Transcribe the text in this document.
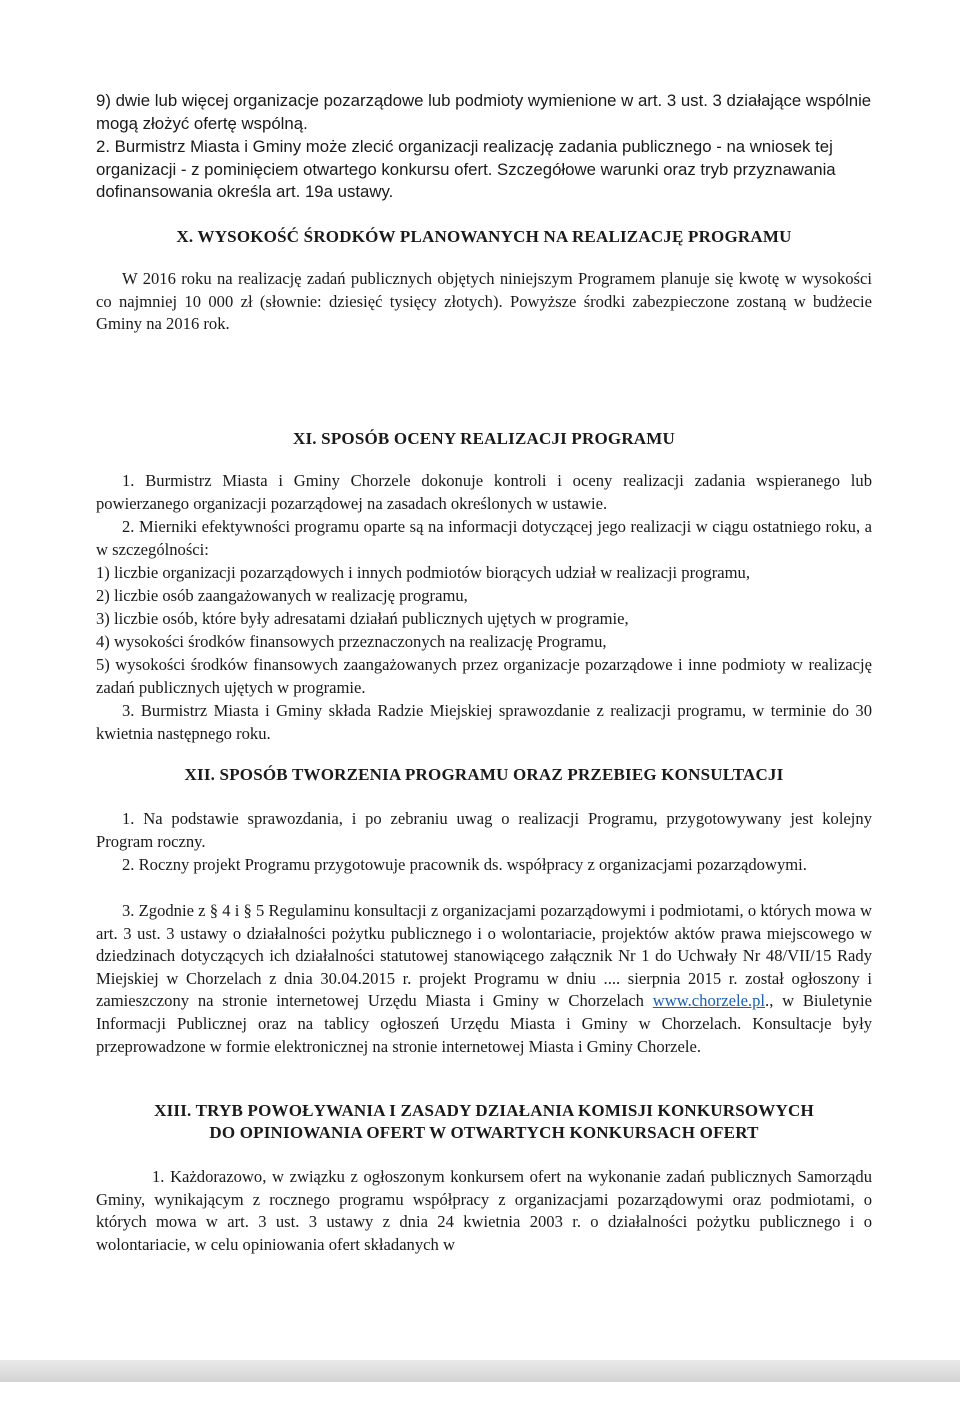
9) dwie lub więcej organizacje pozarządowe lub podmioty wymienione w art. 3 ust. 3 działające wspólnie mogą złożyć ofertę wspólną.

2. Burmistrz Miasta i Gminy może zlecić organizacji realizację zadania publicznego - na wniosek tej organizacji - z pominięciem otwartego konkursu ofert. Szczegółowe warunki oraz tryb przyznawania dofinansowania określa art. 19a ustawy.

X. WYSOKOŚĆ ŚRODKÓW PLANOWANYCH NA REALIZACJĘ PROGRAMU

W 2016 roku na realizację zadań publicznych objętych niniejszym Programem planuje się kwotę w wysokości co najmniej 10 000 zł (słownie: dziesięć tysięcy złotych). Powyższe środki zabezpieczone zostaną w budżecie Gminy na 2016 rok.

XI. SPOSÓB OCENY REALIZACJI PROGRAMU

1. Burmistrz Miasta i Gminy Chorzele dokonuje kontroli i oceny realizacji zadania wspieranego lub powierzanego organizacji pozarządowej na zasadach określonych w ustawie.

2. Mierniki efektywności programu oparte są na informacji dotyczącej jego realizacji w ciągu ostatniego roku, a w szczególności:

1) liczbie organizacji pozarządowych i innych podmiotów biorących udział w realizacji programu,

2) liczbie osób zaangażowanych w realizację programu,

3) liczbie osób, które były adresatami działań publicznych ujętych w programie,

4) wysokości środków finansowych przeznaczonych na realizację Programu,

5) wysokości środków finansowych zaangażowanych przez organizacje pozarządowe i inne podmioty w realizację zadań publicznych ujętych w programie.

3. Burmistrz Miasta i Gminy składa Radzie Miejskiej sprawozdanie z realizacji programu, w terminie do 30 kwietnia następnego roku.

XII. SPOSÓB TWORZENIA PROGRAMU ORAZ PRZEBIEG KONSULTACJI

1. Na podstawie sprawozdania, i po zebraniu uwag o realizacji Programu, przygotowywany jest kolejny Program roczny.

2. Roczny projekt Programu przygotowuje pracownik ds. współpracy z organizacjami pozarządowymi.

3. Zgodnie z § 4 i § 5 Regulaminu konsultacji z organizacjami pozarządowymi i podmiotami, o których mowa w art. 3 ust. 3 ustawy o działalności pożytku publicznego i o wolontariacie, projektów aktów prawa miejscowego w dziedzinach dotyczących ich działalności statutowej stanowiącego załącznik Nr 1 do Uchwały Nr 48/VII/15 Rady Miejskiej w Chorzelach z dnia 30.04.2015 r. projekt Programu w dniu .... sierpnia 2015 r. został ogłoszony i zamieszczony na stronie internetowej Urzędu Miasta i Gminy w Chorzelach www.chorzele.pl., w Biuletynie Informacji Publicznej oraz na tablicy ogłoszeń Urzędu Miasta i Gminy w Chorzelach. Konsultacje były przeprowadzone w formie elektronicznej na stronie internetowej Miasta i Gminy Chorzele.

XIII. TRYB POWOŁYWANIA I ZASADY DZIAŁANIA KOMISJI KONKURSOWYCH
DO OPINIOWANIA OFERT W OTWARTYCH KONKURSACH OFERT

1. Każdorazowo, w związku z ogłoszonym konkursem ofert na wykonanie zadań publicznych Samorządu Gminy, wynikającym z rocznego programu współpracy z organizacjami pozarządowymi oraz podmiotami, o których mowa w art. 3 ust. 3 ustawy z dnia 24 kwietnia 2003 r. o działalności pożytku publicznego i o wolontariacie, w celu opiniowania ofert składanych w
